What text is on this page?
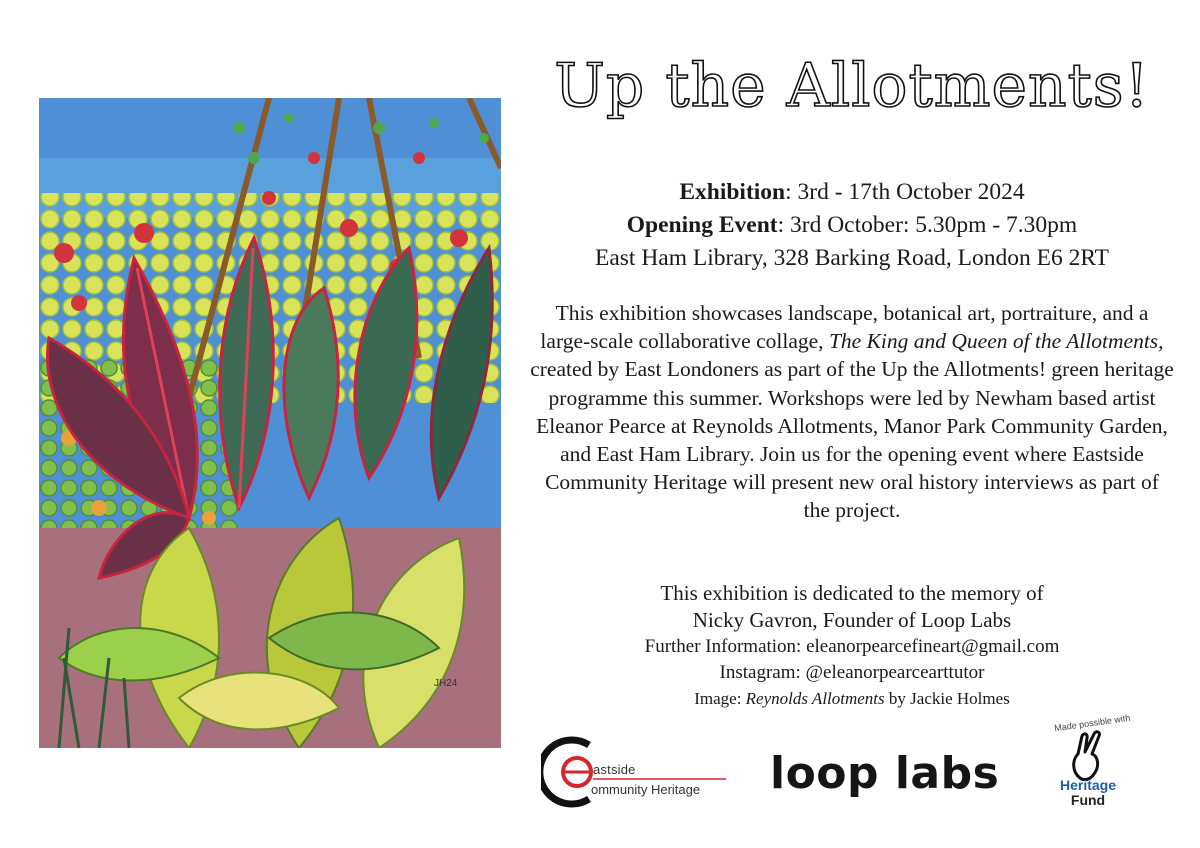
JH24
Up the Allotments!
Exhibition: 3rd - 17th October 2024
Opening Event: 3rd October: 5.30pm - 7.30pm
East Ham Library, 328 Barking Road, London E6 2RT
This exhibition showcases landscape, botanical art, portraiture, and a large-scale collaborative collage, The King and Queen of the Allotments, created by East Londoners as part of the Up the Allotments! green heritage programme this summer. Workshops were led by Newham based artist Eleanor Pearce at Reynolds Allotments, Manor Park Community Garden, and East Ham Library. Join us for the opening event where Eastside Community Heritage will present new oral history interviews as part of the project.
This exhibition is dedicated to the memory of
Nicky Gavron, Founder of Loop Labs
Further Information: eleanorpearcefineart@gmail.com
Instagram: @eleanorpearcearttutor
Image: Reynolds Allotments by Jackie Holmes
astside
ommunity Heritage loop labs
Made possible with
Heritage
Fund
